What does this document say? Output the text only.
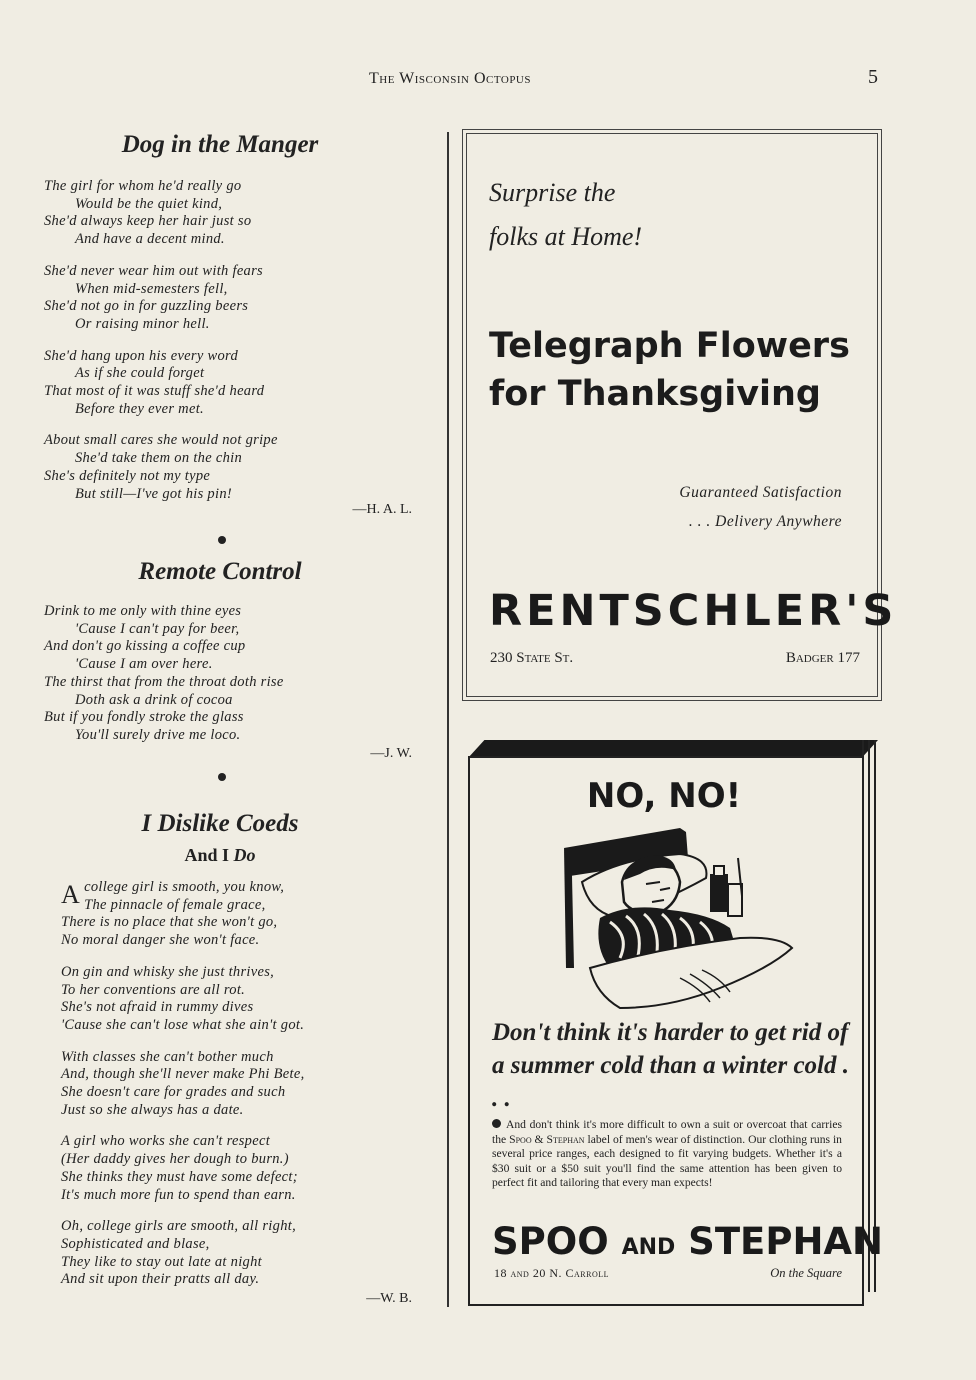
The Wisconsin Octopus	5
Dog in the Manger
The girl for whom he'd really go
Would be the quiet kind,
She'd always keep her hair just so
And have a decent mind.
She'd never wear him out with fears
When mid-semesters fell,
She'd not go in for guzzling beers
Or raising minor hell.
She'd hang upon his every word
As if she could forget
That most of it was stuff she'd heard
Before they ever met.
About small cares she would not gripe
She'd take them on the chin
She's definitely not my type
But still—I've got his pin!
—H. A. L.
Remote Control
Drink to me only with thine eyes
'Cause I can't pay for beer,
And don't go kissing a coffee cup
'Cause I am over here.
The thirst that from the throat doth rise
Doth ask a drink of cocoa
But if you fondly stroke the glass
You'll surely drive me loco.
—J. W.
I Dislike Coeds
And I Do
Acollege girl is smooth, you know,
The pinnacle of female grace,
There is no place that she won't go,
No moral danger she won't face.
On gin and whisky she just thrives,
To her conventions are all rot.
She's not afraid in rummy dives
'Cause she can't lose what she ain't got.
With classes she can't bother much
And, though she'll never make Phi Bete,
She doesn't care for grades and such
Just so she always has a date.
A girl who works she can't respect
(Her daddy gives her dough to burn.)
She thinks they must have some defect;
It's much more fun to spend than earn.
Oh, college girls are smooth, all right,
Sophisticated and blase,
They like to stay out late at night
And sit upon their pratts all day.
—W. B.
Surprise the
folks at Home!
Telegraph Flowers
for Thanksgiving
Guaranteed Satisfaction
. . . Delivery Anywhere
RENTSCHLER'S
230 State St.	Badger 177
NO, NO!
Don't think it's harder to get rid of a summer cold than a winter cold . . .
And don't think it's more difficult to own a suit or overcoat that carries the Spoo & Stephan label of men's wear of distinction. Our clothing runs in several price ranges, each designed to fit varying budgets. Whether it's a $30 suit or a $50 suit you'll find the same attention has been given to perfect fit and tailoring that every man expects!
SPOO AND STEPHAN
18 and 20 N. Carroll	On the Square
